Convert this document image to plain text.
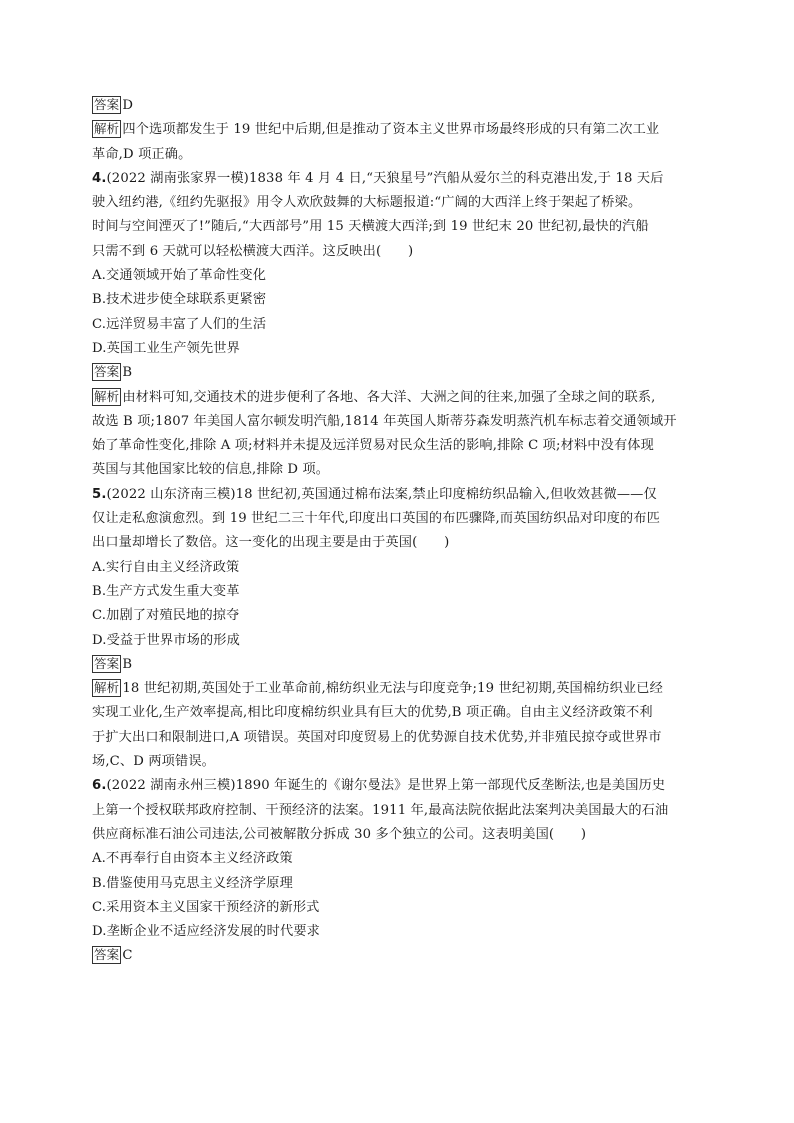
答案 D
解析 四个选项都发生于 19 世纪中后期,但是推动了资本主义世界市场最终形成的只有第二次工业
革命,D 项正确。
4.(2022 湖南张家界一模)1838 年 4 月 4 日,“天狼星号”汽船从爱尔兰的科克港出发,于 18 天后
驶入纽约港,《纽约先驱报》用令人欢欣鼓舞的大标题报道:“广阔的大西洋上终于架起了桥梁。
时间与空间湮灭了!”随后,“大西部号”用 15 天横渡大西洋;到 19 世纪末 20 世纪初,最快的汽船
只需不到 6 天就可以轻松横渡大西洋。这反映出(　　)
A.交通领域开始了革命性变化
B.技术进步使全球联系更紧密
C.远洋贸易丰富了人们的生活
D.英国工业生产领先世界
答案 B
解析 由材料可知,交通技术的进步便利了各地、各大洋、大洲之间的往来,加强了全球之间的联系,
故选 B 项;1807 年美国人富尔顿发明汽船,1814 年英国人斯蒂芬森发明蒸汽机车标志着交通领域开
始了革命性变化,排除 A 项;材料并未提及远洋贸易对民众生活的影响,排除 C 项;材料中没有体现
英国与其他国家比较的信息,排除 D 项。
5.(2022 山东济南三模)18 世纪初,英国通过棉布法案,禁止印度棉纺织品输入,但收效甚微——仅
仅让走私愈演愈烈。到 19 世纪二三十年代,印度出口英国的布匹骤降,而英国纺织品对印度的布匹
出口量却增长了数倍。这一变化的出现主要是由于英国(　　)
A.实行自由主义经济政策
B.生产方式发生重大变革
C.加剧了对殖民地的掠夺
D.受益于世界市场的形成
答案 B
解析 18 世纪初期,英国处于工业革命前,棉纺织业无法与印度竞争;19 世纪初期,英国棉纺织业已经
实现工业化,生产效率提高,相比印度棉纺织业具有巨大的优势,B 项正确。自由主义经济政策不利
于扩大出口和限制进口,A 项错误。英国对印度贸易上的优势源自技术优势,并非殖民掠夺或世界市
场,C、D 两项错误。
6.(2022 湖南永州三模)1890 年诞生的《谢尔曼法》是世界上第一部现代反垄断法,也是美国历史
上第一个授权联邦政府控制、干预经济的法案。1911 年,最高法院依据此法案判决美国最大的石油
供应商标准石油公司违法,公司被解散分拆成 30 多个独立的公司。这表明美国(　　)
A.不再奉行自由资本主义经济政策
B.借鉴使用马克思主义经济学原理
C.采用资本主义国家干预经济的新形式
D.垄断企业不适应经济发展的时代要求
答案 C
